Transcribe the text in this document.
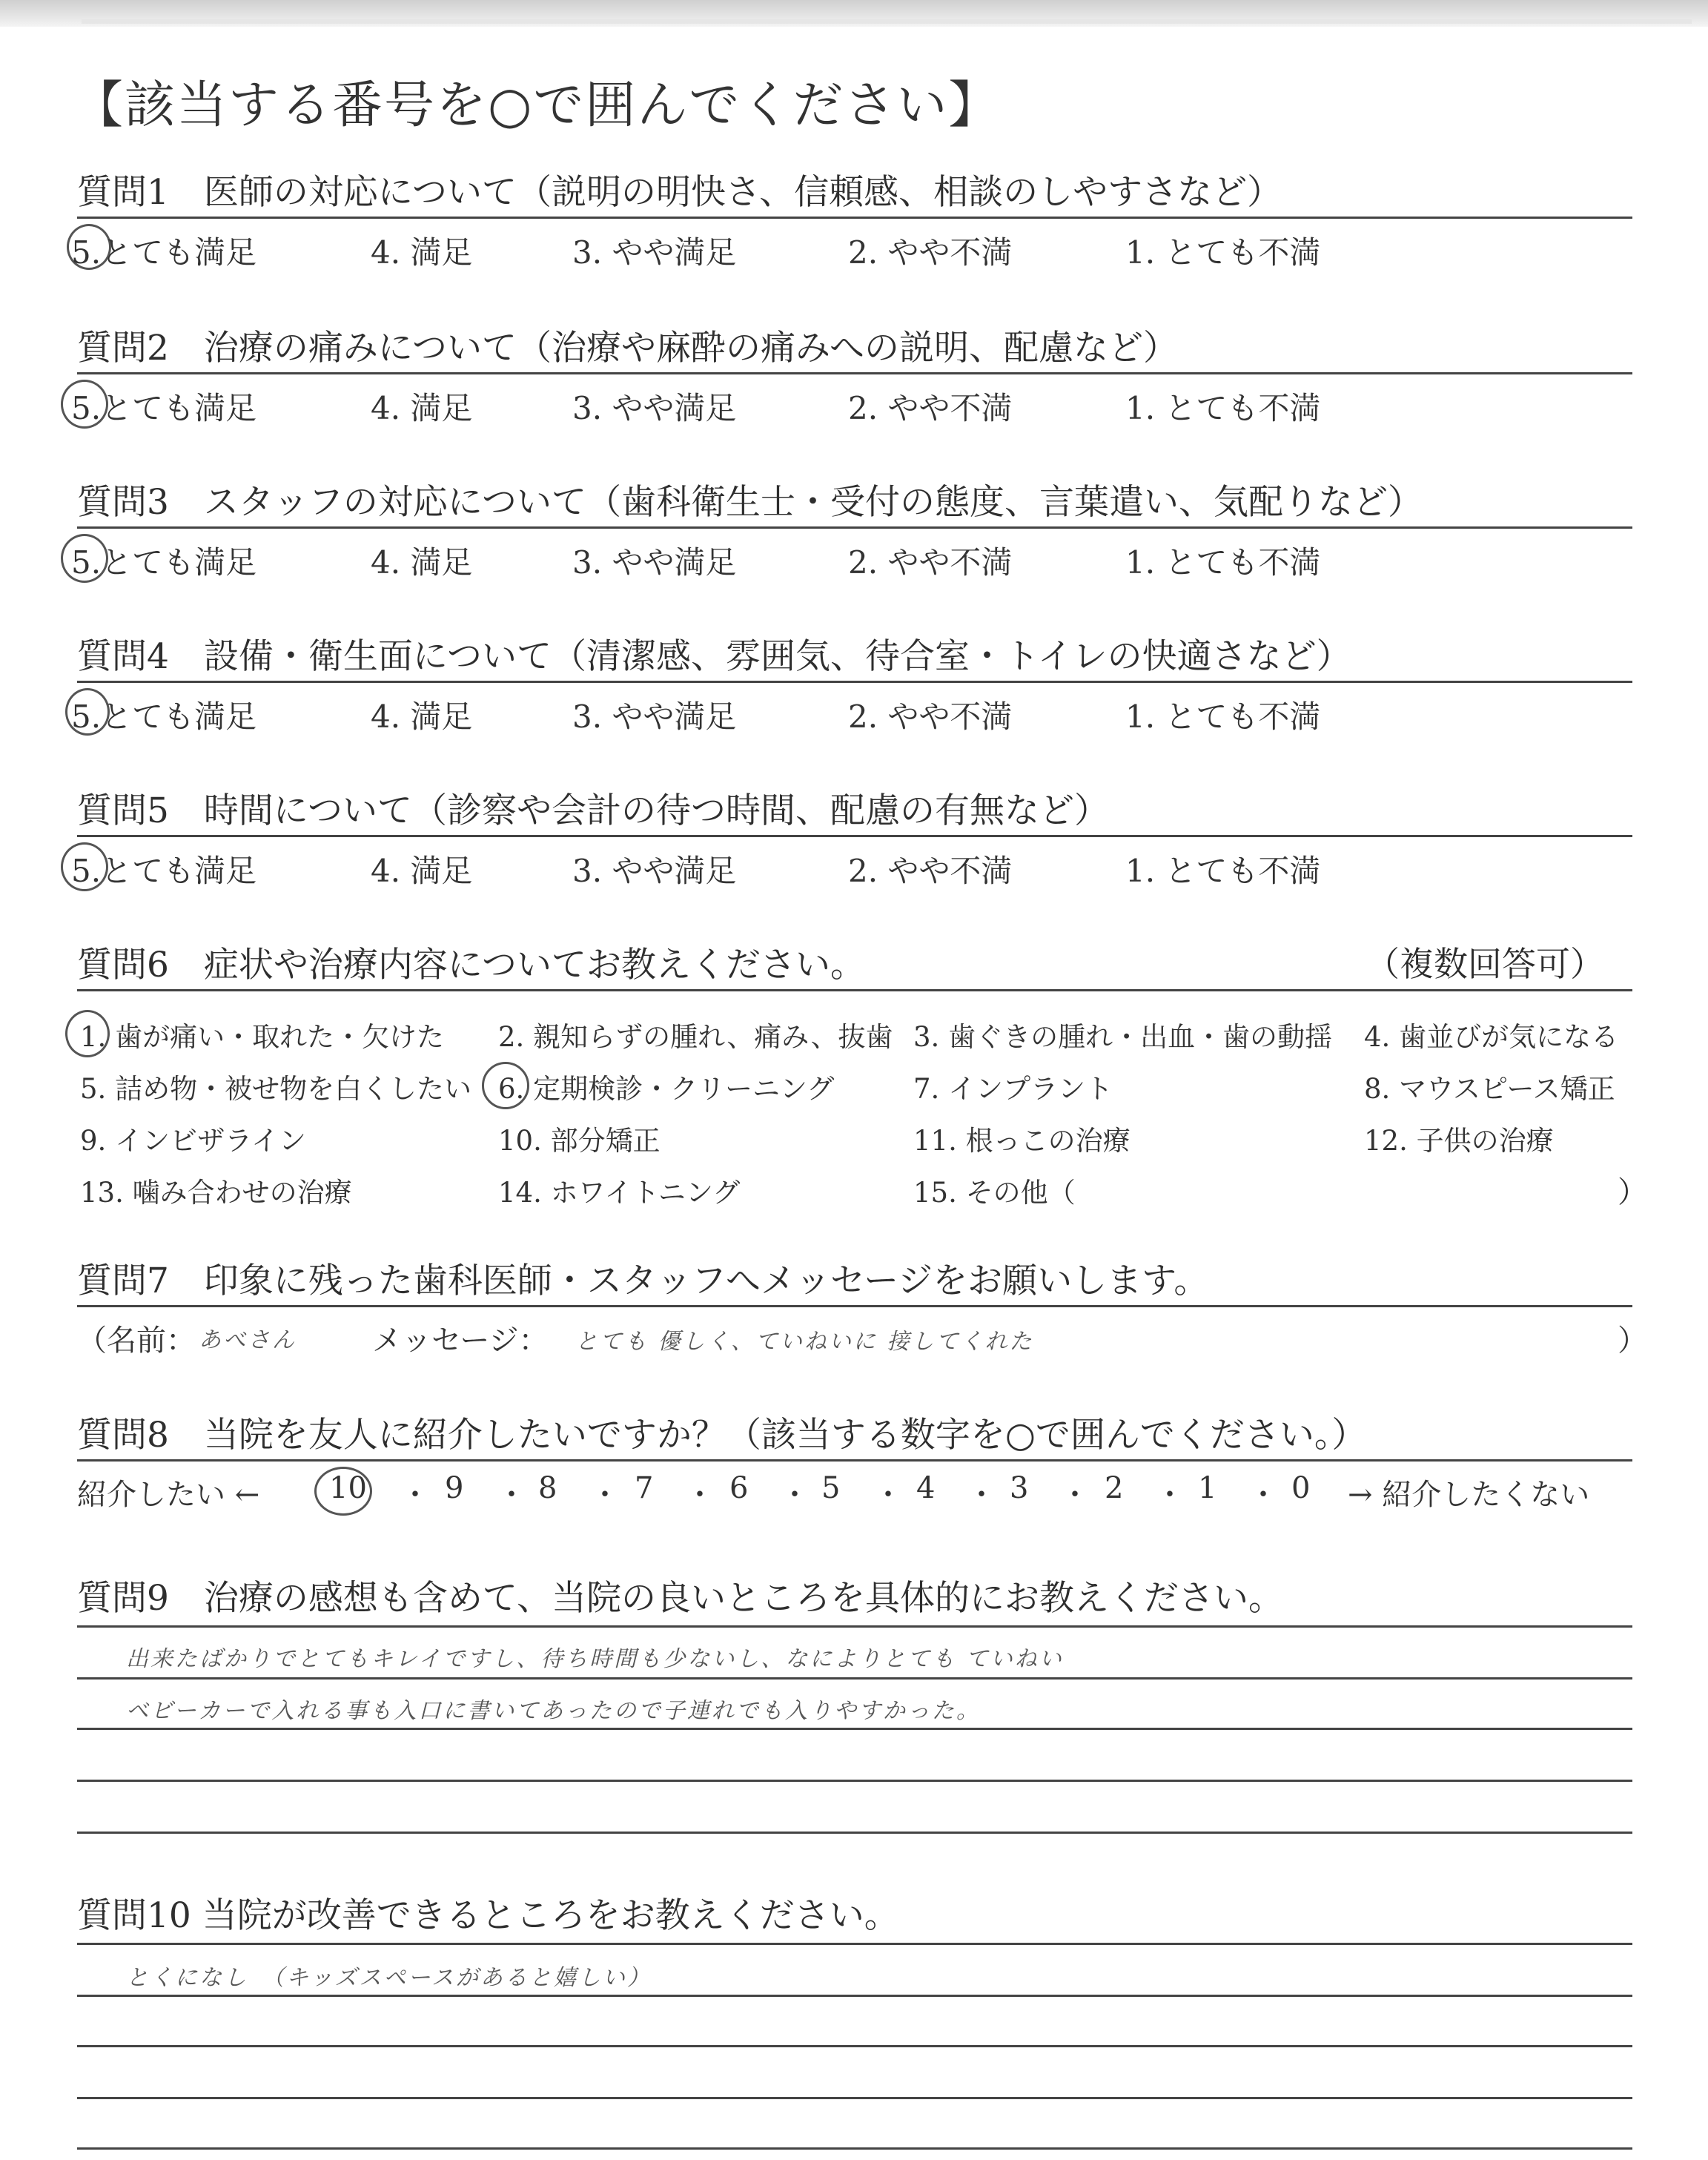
【該当する番号を○で囲んでください】
質問1　医師の対応について（説明の明快さ、信頼感、相談のしやすさなど）
5.とても満足	4. 満足	3. やや満足	2. やや不満	1. とても不満
質問2　治療の痛みについて（治療や麻酔の痛みへの説明、配慮など）
5.とても満足	4. 満足	3. やや満足	2. やや不満	1. とても不満
質問3　スタッフの対応について（歯科衛生士・受付の態度、言葉遣い、気配りなど）
5.とても満足	4. 満足	3. やや満足	2. やや不満	1. とても不満
質問4　設備・衛生面について（清潔感、雰囲気、待合室・トイレの快適さなど）
5.とても満足	4. 満足	3. やや満足	2. やや不満	1. とても不満
質問5　時間について（診察や会計の待つ時間、配慮の有無など）
5.とても満足	4. 満足	3. やや満足	2. やや不満	1. とても不満
質問6　症状や治療内容についてお教えください。	（複数回答可）
1. 歯が痛い・取れた・欠けた 2. 親知らずの腫れ、痛み、抜歯 3. 歯ぐきの腫れ・出血・歯の動揺 4. 歯並びが気になる
5. 詰め物・被せ物を白くしたい 6. 定期検診・クリーニング	7. インプラント	8. マウスピース矯正
9. インビザライン	10. 部分矯正	11. 根っこの治療	12. 子供の治療
13. 噛み合わせの治療	14. ホワイトニング	15. その他（	）
質問7　印象に残った歯科医師・スタッフへメッセージをお願いします。
（名前： あべさん	メッセージ： とても 優しく、ていねいに 接してくれた	）
質問8　当院を友人に紹介したいですか？（該当する数字を○で囲んでください。）
紹介したい ← 10 ・ 9 ・ 8 ・ 7 ・ 6 ・ 5 ・ 4 ・ 3 ・ 2 ・ 1 ・ 0 → 紹介したくない
質問9　治療の感想も含めて、当院の良いところを具体的にお教えください。
出来たばかりでとてもキレイですし、待ち時間も少ないし、なによりとても ていねい
ベビーカーで入れる事も入口に書いてあったので子連れでも入りやすかった。
質問10 当院が改善できるところをお教えください。
とくになし　（キッズスペースがあると嬉しい）
